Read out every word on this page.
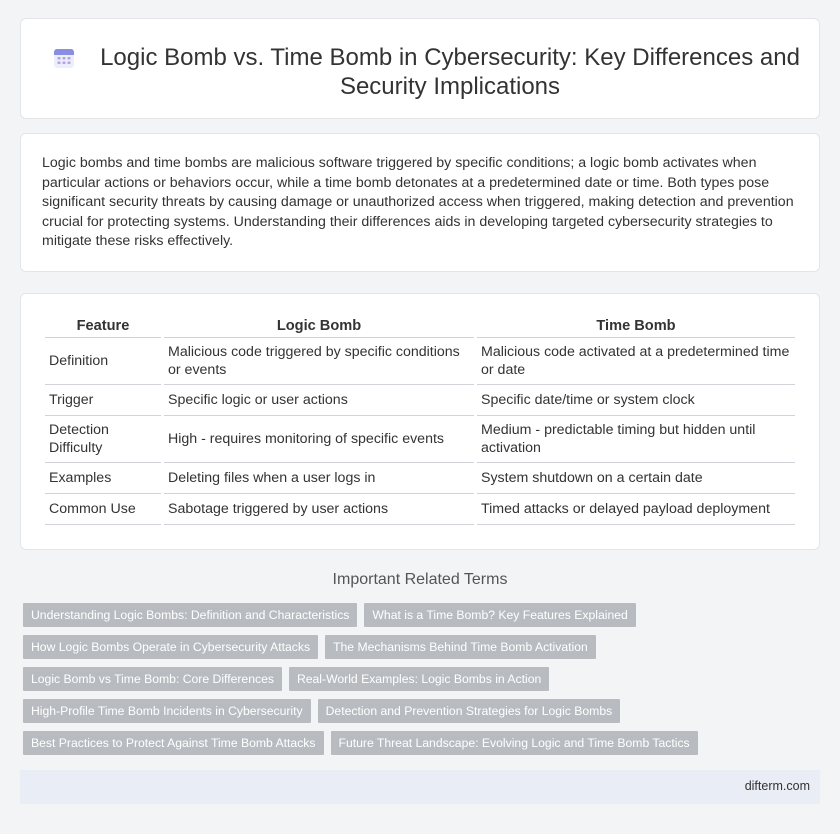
Logic Bomb vs. Time Bomb in Cybersecurity: Key Differences and Security Implications

Logic bombs and time bombs are malicious software triggered by specific conditions; a logic bomb activates when particular actions or behaviors occur, while a time bomb detonates at a predetermined date or time. Both types pose significant security threats by causing damage or unauthorized access when triggered, making detection and prevention crucial for protecting systems. Understanding their differences aids in developing targeted cybersecurity strategies to mitigate these risks effectively.

Feature	Logic Bomb	Time Bomb
Definition	Malicious code triggered by specific conditions or events	Malicious code activated at a predetermined time or date
Trigger	Specific logic or user actions	Specific date/time or system clock
Detection Difficulty	High - requires monitoring of specific events	Medium - predictable timing but hidden until activation
Examples	Deleting files when a user logs in	System shutdown on a certain date
Common Use	Sabotage triggered by user actions	Timed attacks or delayed payload deployment
Important Related Terms
Understanding Logic Bombs: Definition and Characteristics	What is a Time Bomb? Key Features Explained
How Logic Bombs Operate in Cybersecurity Attacks	The Mechanisms Behind Time Bomb Activation
Logic Bomb vs Time Bomb: Core Differences	Real-World Examples: Logic Bombs in Action
High-Profile Time Bomb Incidents in Cybersecurity	Detection and Prevention Strategies for Logic Bombs
Best Practices to Protect Against Time Bomb Attacks	Future Threat Landscape: Evolving Logic and Time Bomb Tactics
difterm.com
